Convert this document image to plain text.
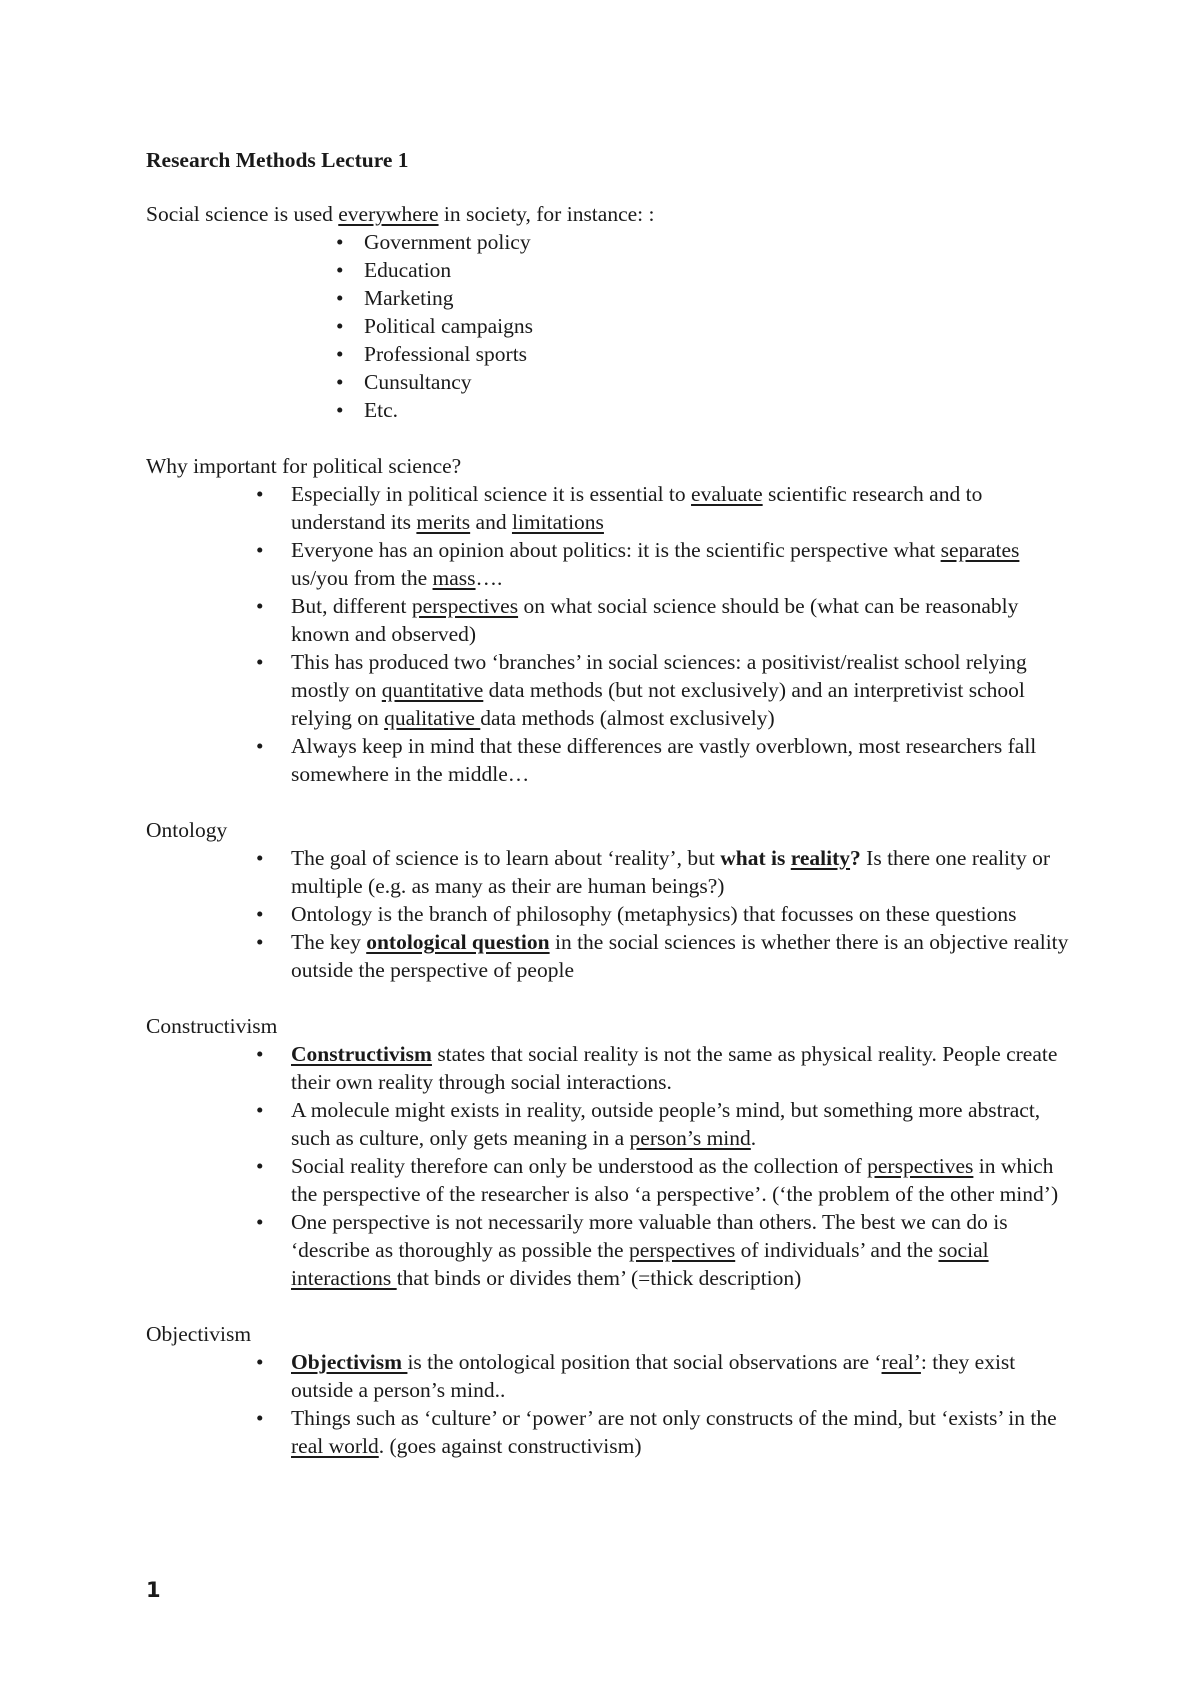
Research Methods Lecture 1

Social science is used everywhere in society, for instance: :

• Government policy
• Education
• Marketing
• Political campaigns
• Professional sports
• Cunsultancy
• Etc.

Why important for political science?

• Especially in political science it is essential to evaluate scientific research and to understand its merits and limitations
• Everyone has an opinion about politics: it is the scientific perspective what separates us/you from the mass….
• But, different perspectives on what social science should be (what can be reasonably known and observed)
• This has produced two ‘branches’ in social sciences: a positivist/realist school relying mostly on quantitative data methods (but not exclusively) and an interpretivist school relying on qualitative data methods (almost exclusively)
• Always keep in mind that these differences are vastly overblown, most researchers fall somewhere in the middle…

Ontology

• The goal of science is to learn about ‘reality’, but what is reality? Is there one reality or multiple (e.g. as many as their are human beings?)
• Ontology is the branch of philosophy (metaphysics) that focusses on these questions
• The key ontological question in the social sciences is whether there is an objective reality outside the perspective of people

Constructivism

• Constructivism states that social reality is not the same as physical reality. People create their own reality through social interactions.
• A molecule might exists in reality, outside people’s mind, but something more abstract, such as culture, only gets meaning in a person’s mind.
• Social reality therefore can only be understood as the collection of perspectives in which the perspective of the researcher is also ‘a perspective’. (‘the problem of the other mind’)
• One perspective is not necessarily more valuable than others. The best we can do is ‘describe as thoroughly as possible the perspectives of individuals’ and the social interactions that binds or divides them’ (=thick description)

Objectivism

• Objectivism is the ontological position that social observations are ‘real’: they exist outside a person’s mind..
• Things such as ‘culture’ or ‘power’ are not only constructs of the mind, but ‘exists’ in the real world. (goes against constructivism)
1
